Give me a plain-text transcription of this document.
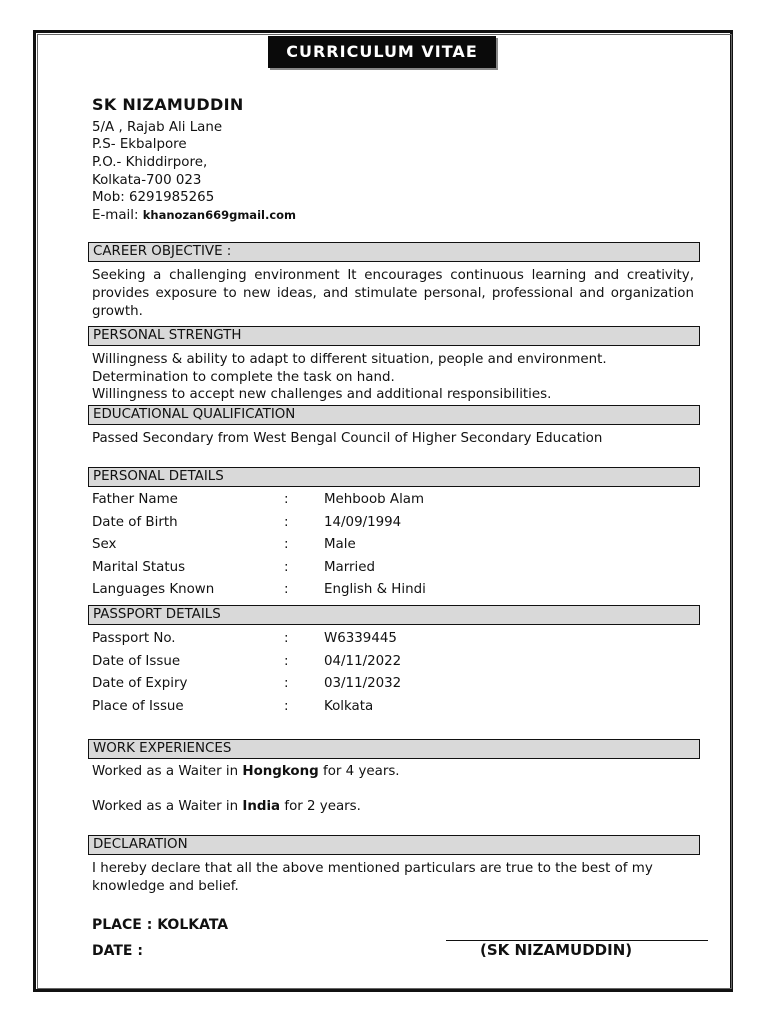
CURRICULUM VITAE
SK NIZAMUDDIN
5/A , Rajab Ali Lane
P.S- Ekbalpore
P.O.- Khiddirpore,
Kolkata-700 023
Mob: 6291985265
E-mail: khanozan669gmail.com
CAREER OBJECTIVE :
Seeking a challenging environment It encourages continuous learning and creativity, provides exposure to new ideas, and stimulate personal, professional and organization growth.
PERSONAL STRENGTH
Willingness & ability to adapt to different situation, people and environment.
Determination to complete the task on hand.
Willingness to accept new challenges and additional responsibilities.
EDUCATIONAL QUALIFICATION
Passed Secondary from West Bengal Council of Higher Secondary Education
PERSONAL DETAILS
Father Name	:	Mehboob Alam
Date of Birth	:	14/09/1994
Sex	:	Male
Marital Status	:	Married
Languages Known	:	English & Hindi
PASSPORT DETAILS
Passport No.	:	W6339445
Date of Issue	:	04/11/2022
Date of Expiry	:	03/11/2032
Place of Issue	:	Kolkata
WORK EXPERIENCES
Worked as a Waiter in Hongkong for 4 years.
Worked as a Waiter in India for 2 years.
DECLARATION
I hereby declare that all the above mentioned particulars are true to the best of my knowledge and belief.
PLACE : KOLKATA
DATE :	(SK NIZAMUDDIN)
